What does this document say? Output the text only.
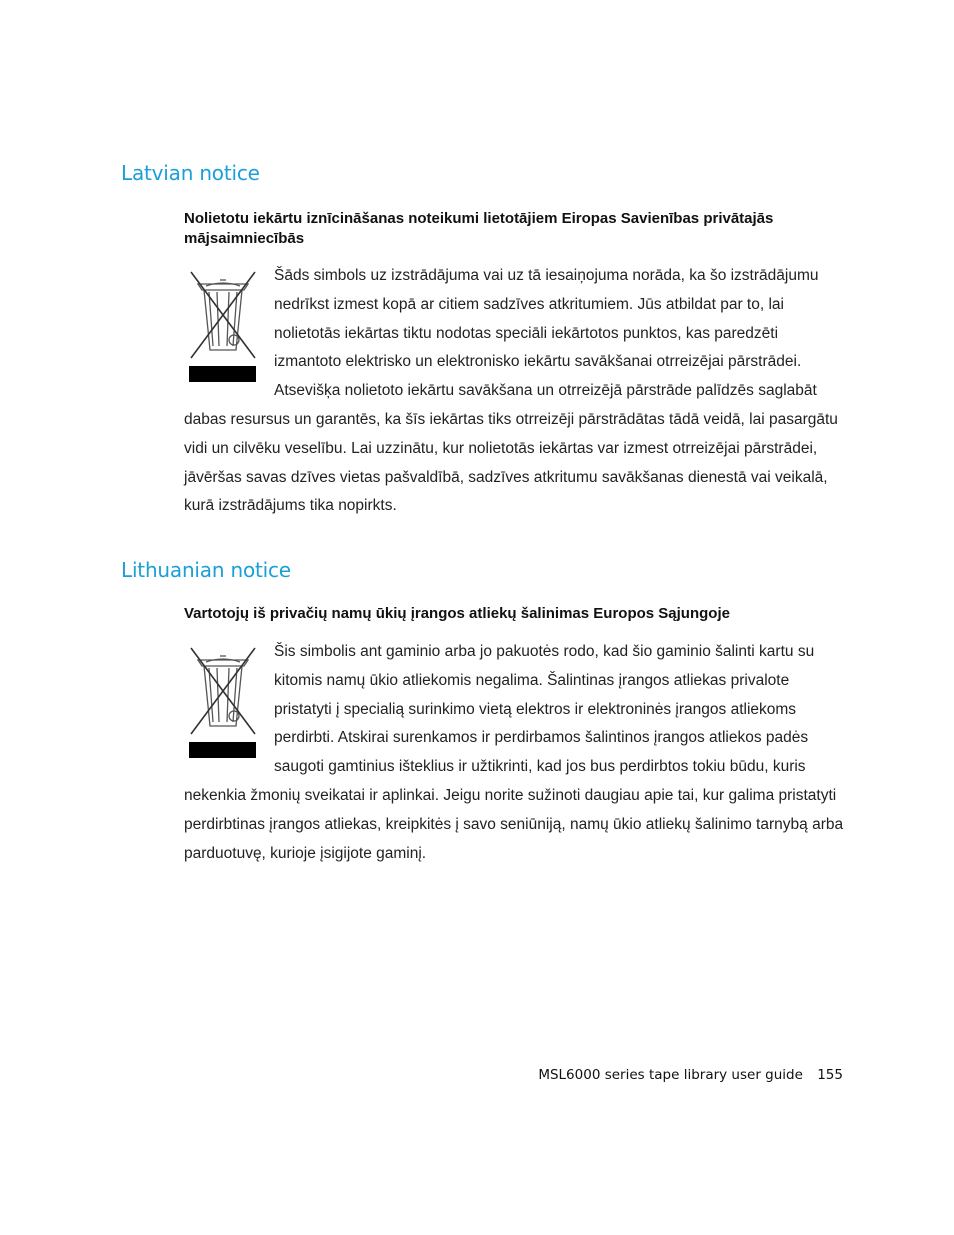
Latvian notice

Nolietotu iekārtu iznīcināšanas noteikumi lietotājiem Eiropas Savienības privātajās mājsaimniecībās

Šāds simbols uz izstrādājuma vai uz tā iesaiņojuma norāda, ka šo izstrādājumu nedrīkst izmest kopā ar citiem sadzīves atkritumiem. Jūs atbildat par to, lai nolietotās iekārtas tiktu nodotas speciāli iekārtotos punktos, kas paredzēti izmantoto elektrisko un elektronisko iekārtu savākšanai otrreizējai pārstrādei. Atsevišķa nolietoto iekārtu savākšana un otrreizējā pārstrāde palīdzēs saglabāt dabas resursus un garantēs, ka šīs iekārtas tiks otrreizēji pārstrādātas tādā veidā, lai pasargātu vidi un cilvēku veselību. Lai uzzinātu, kur nolietotās iekārtas var izmest otrreizējai pārstrādei, jāvēršas savas dzīves vietas pašvaldībā, sadzīves atkritumu savākšanas dienestā vai veikalā, kurā izstrādājums tika nopirkts.
Lithuanian notice

Vartotojų iš privačių namų ūkių įrangos atliekų šalinimas Europos Sąjungoje

Šis simbolis ant gaminio arba jo pakuotės rodo, kad šio gaminio šalinti kartu su kitomis namų ūkio atliekomis negalima. Šalintinas įrangos atliekas privalote pristatyti į specialią surinkimo vietą elektros ir elektroninės įrangos atliekoms perdirbti. Atskirai surenkamos ir perdirbamos šalintinos įrangos atliekos padės saugoti gamtinius išteklius ir užtikrinti, kad jos bus perdirbtos tokiu būdu, kuris nekenkia žmonių sveikatai ir aplinkai. Jeigu norite sužinoti daugiau apie tai, kur galima pristatyti perdirbtinas įrangos atliekas, kreipkitės į savo seniūniją, namų ūkio atliekų šalinimo tarnybą arba parduotuvę, kurioje įsigijote gaminį.
MSL6000 series tape library user guide 155
